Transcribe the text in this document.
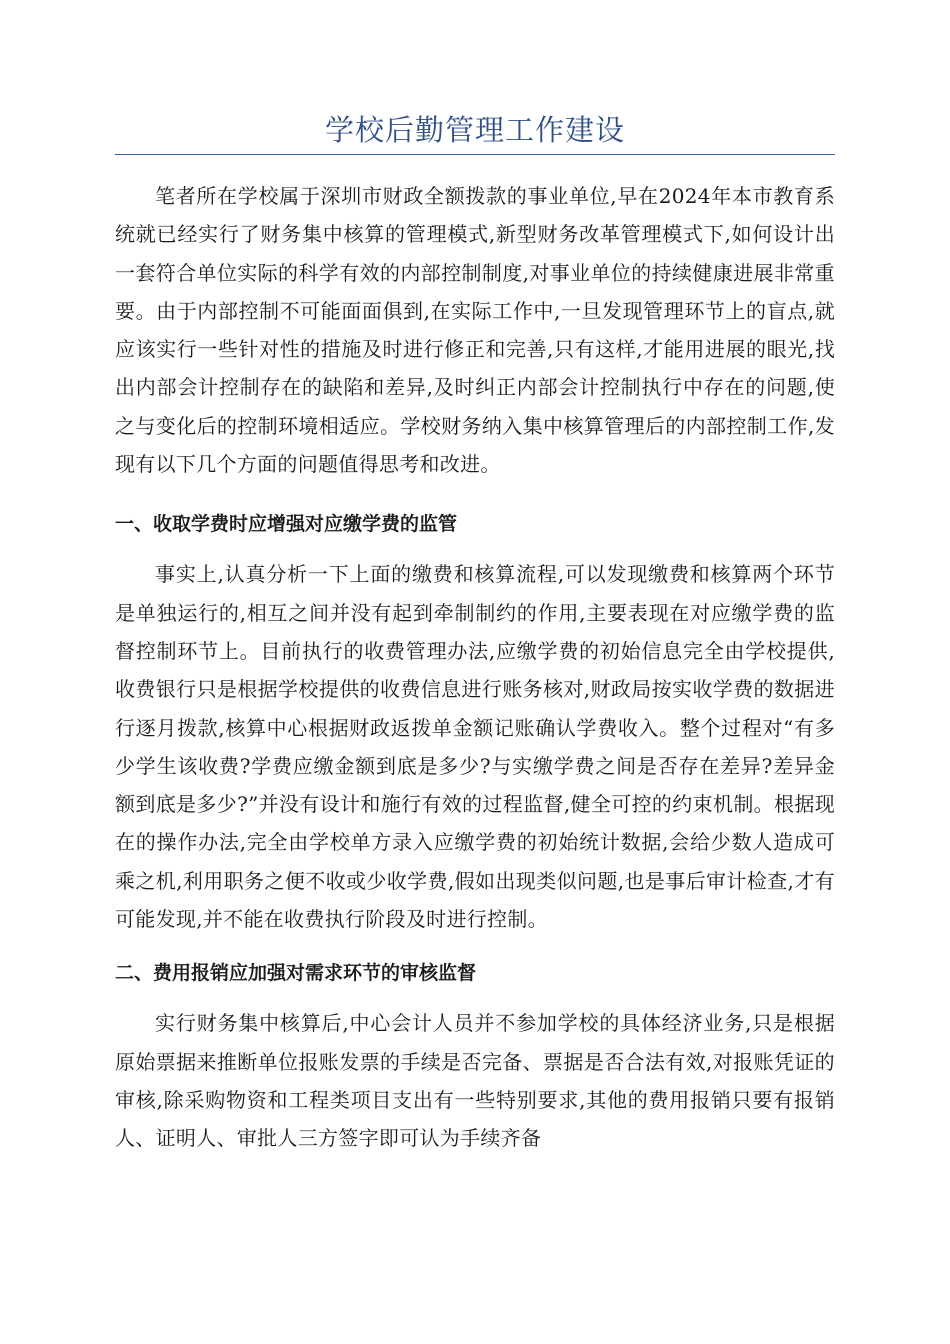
学校后勤管理工作建设

笔者所在学校属于深圳市财政全额拨款的事业单位,早在2024年本市教育系统就已经实行了财务集中核算的管理模式,新型财务改革管理模式下,如何设计出一套符合单位实际的科学有效的内部控制制度,对事业单位的持续健康进展非常重要。由于内部控制不可能面面俱到,在实际工作中,一旦发现管理环节上的盲点,就应该实行一些针对性的措施及时进行修正和完善,只有这样,才能用进展的眼光,找出内部会计控制存在的缺陷和差异,及时纠正内部会计控制执行中存在的问题,使之与变化后的控制环境相适应。学校财务纳入集中核算管理后的内部控制工作,发现有以下几个方面的问题值得思考和改进。

一、收取学费时应增强对应缴学费的监管

事实上,认真分析一下上面的缴费和核算流程,可以发现缴费和核算两个环节是单独运行的,相互之间并没有起到牵制制约的作用,主要表现在对应缴学费的监督控制环节上。目前执行的收费管理办法,应缴学费的初始信息完全由学校提供,收费银行只是根据学校提供的收费信息进行账务核对,财政局按实收学费的数据进行逐月拨款,核算中心根据财政返拨单金额记账确认学费收入。整个过程对“有多少学生该收费?学费应缴金额到底是多少?与实缴学费之间是否存在差异?差异金额到底是多少?”并没有设计和施行有效的过程监督,健全可控的约束机制。根据现在的操作办法,完全由学校单方录入应缴学费的初始统计数据,会给少数人造成可乘之机,利用职务之便不收或少收学费,假如出现类似问题,也是事后审计检查,才有可能发现,并不能在收费执行阶段及时进行控制。

二、费用报销应加强对需求环节的审核监督

实行财务集中核算后,中心会计人员并不参加学校的具体经济业务,只是根据原始票据来推断单位报账发票的手续是否完备、票据是否合法有效,对报账凭证的审核,除采购物资和工程类项目支出有一些特别要求,其他的费用报销只要有报销人、证明人、审批人三方签字即可认为手续齐备
